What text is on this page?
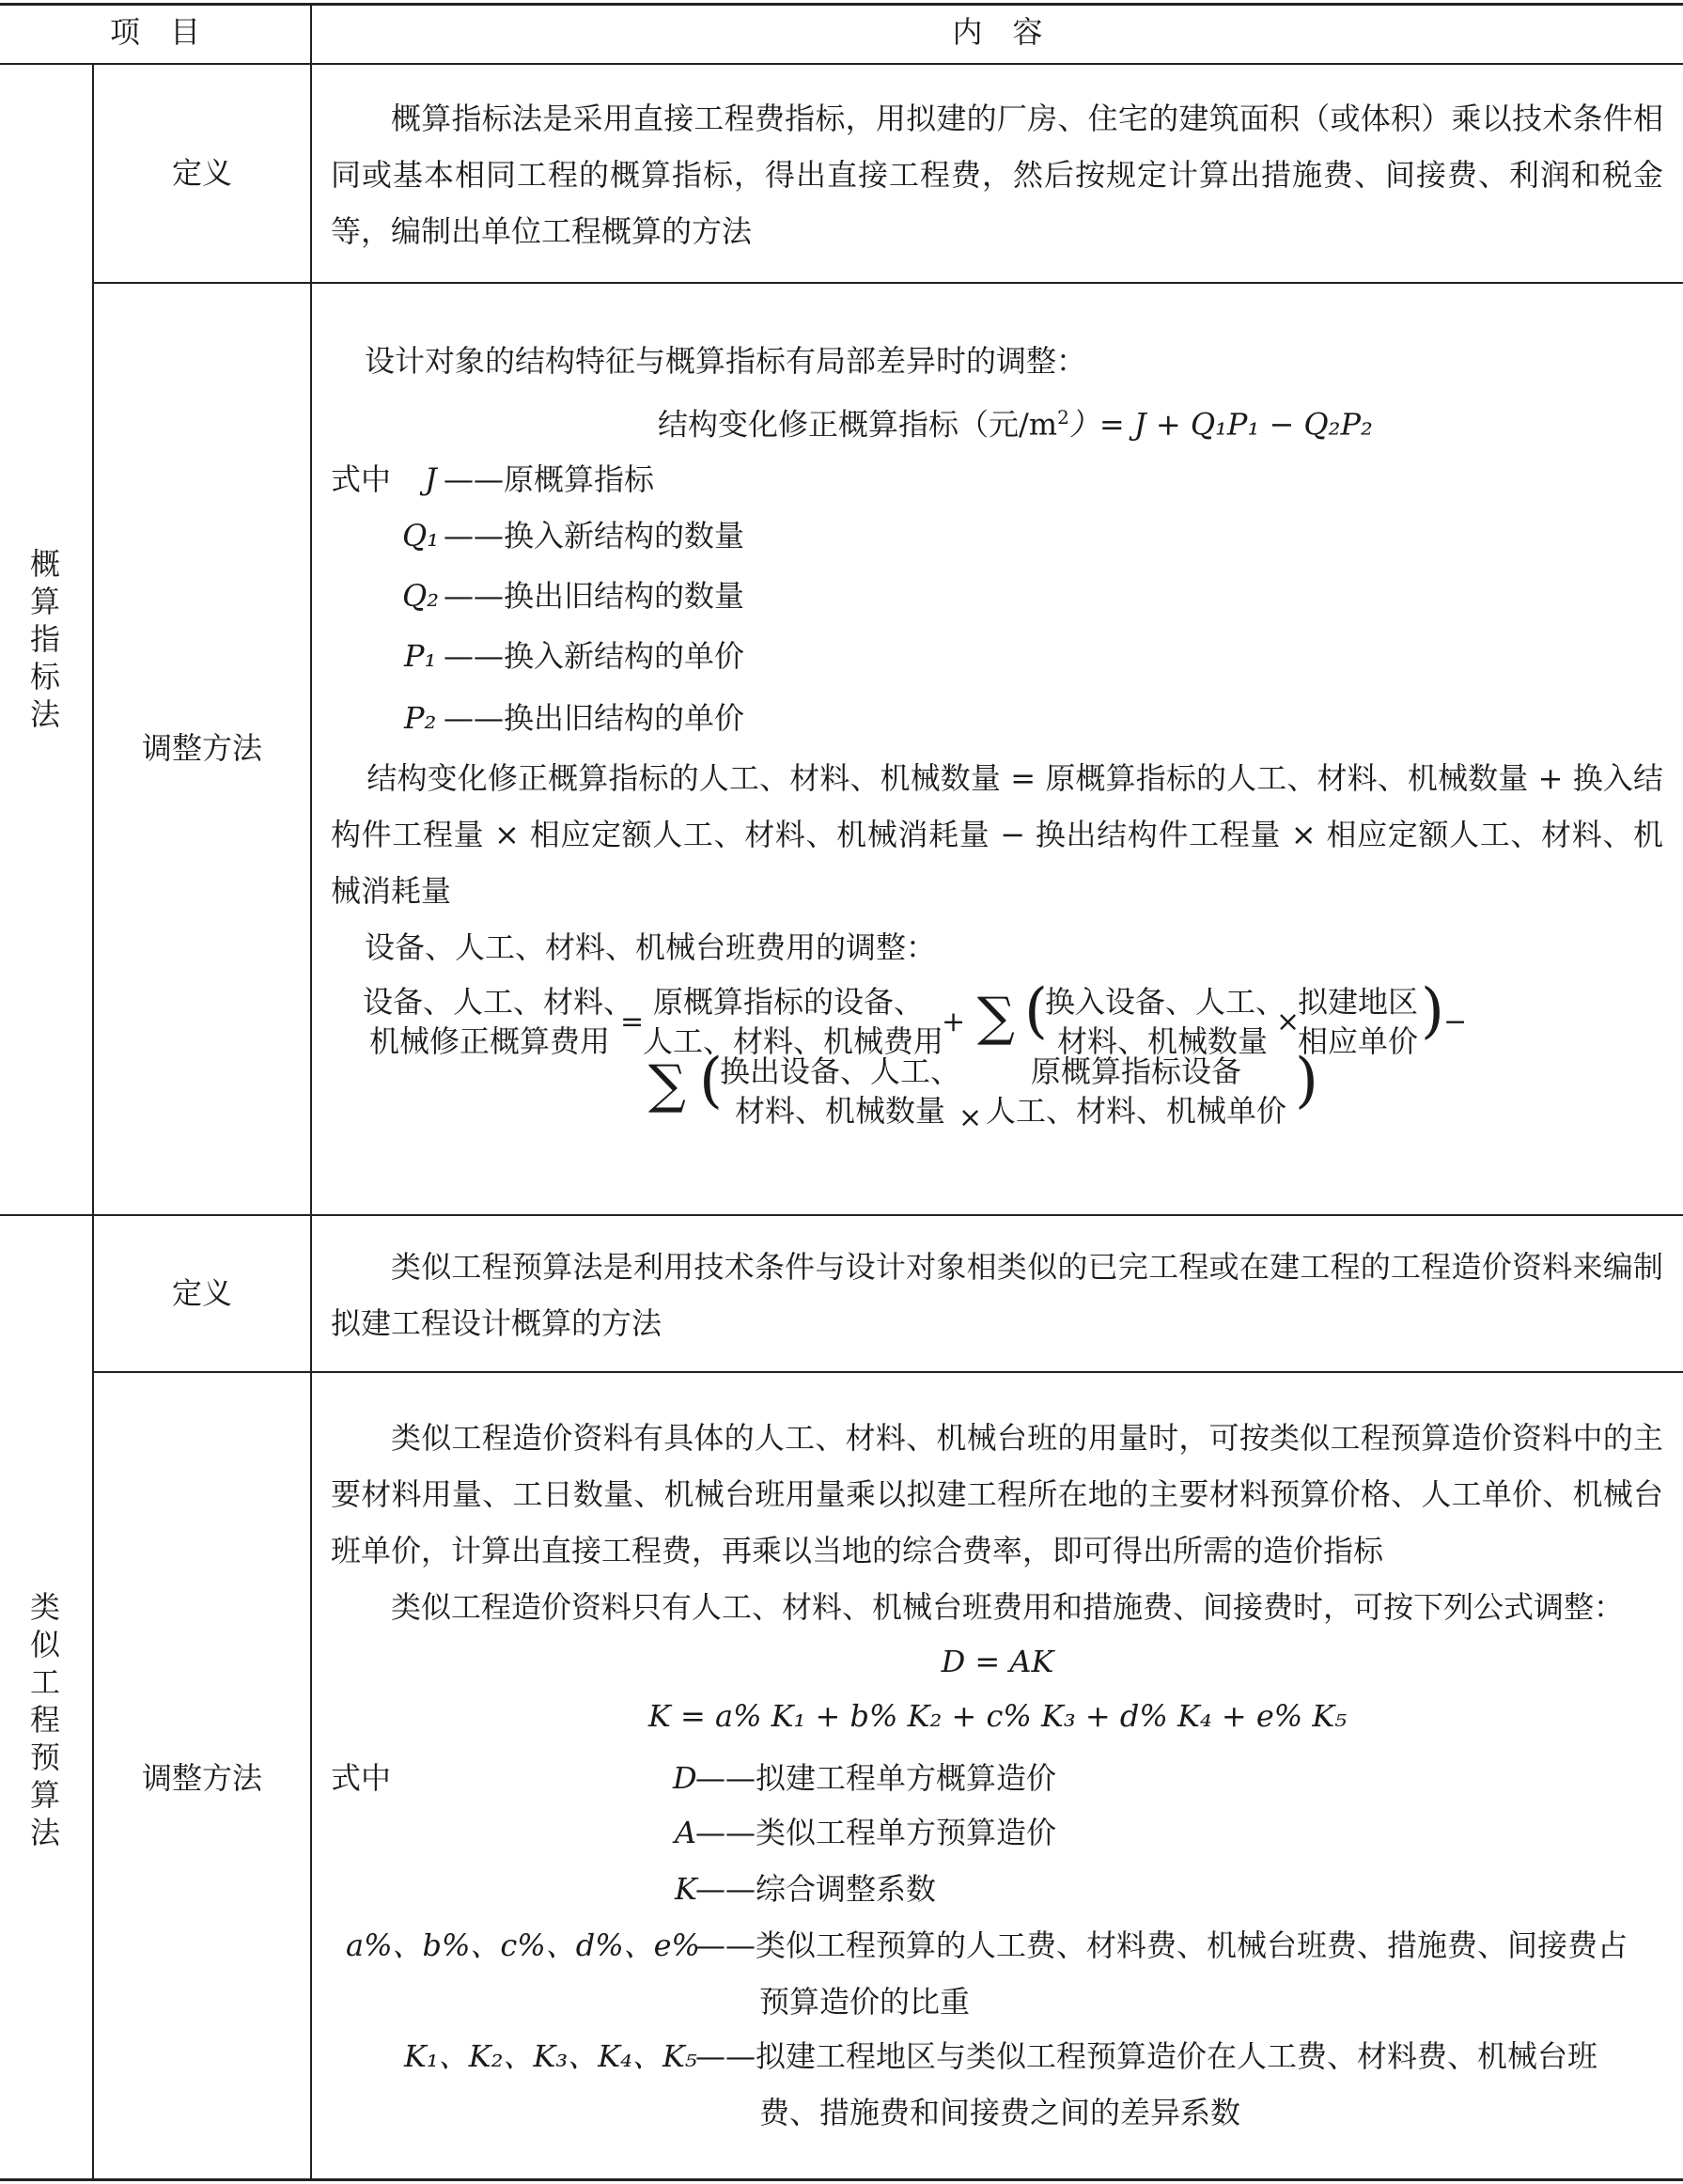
项　目	内　容
概算指标法
定义
概算指标法是采用直接工程费指标，用拟建的厂房、住宅的建筑面积（或体积）乘以技术条件相同或基本相同工程的概算指标，得出直接工程费，然后按规定计算出措施费、间接费、利润和税金等，编制出单位工程概算的方法
调整方法
设计对象的结构特征与概算指标有局部差异时的调整：
结构变化修正概算指标（元$/m^2)= J + Q_1P_1 - Q_2P_2$
式中 J ——原概算指标
Q₁ ——换入新结构的数量
Q₂ ——换出旧结构的数量
P₁ ——换入新结构的单价
P₂ ——换出旧结构的单价
结构变化修正概算指标的人工、材料、机械数量 = 原概算指标的人工、材料、机械数量 + 换入结构件工程量 × 相应定额人工、材料、机械消耗量 − 换出结构件工程量 × 相应定额人工、材料、机械消耗量
设备、人工、材料、机械台班费用的调整：
设备、人工、材料、
机械修正概算费用
=
原概算指标的设备、
人工、材料、机械费用
+ ∑ (
换入设备、人工、
材料、机械数量
×
拟建地区
相应单价 ) −
∑ (
换出设备、人工、
材料、机械数量 ×
原概算指标设备
人工、材料、机械单价 )
类似工程预算法
定义
类似工程预算法是利用技术条件与设计对象相类似的已完工程或在建工程的工程造价资料来编制拟建工程设计概算的方法
调整方法
类似工程造价资料有具体的人工、材料、机械台班的用量时，可按类似工程预算造价资料中的主要材料用量、工日数量、机械台班用量乘以拟建工程所在地的主要材料预算价格、人工单价、机械台班单价，计算出直接工程费，再乘以当地的综合费率，即可得出所需的造价指标
类似工程造价资料只有人工、材料、机械台班费用和措施费、间接费时，可按下列公式调整：
D = AK
K = a% K₁ + b% K₂ + c% K₃ + d% K₄ + e% K₅
式中	D
——拟建工程单方概算造价
A
——类似工程单方预算造价
K
——综合调整系数
a%、b%、c%、d%、e%
——类似工程预算的人工费、材料费、机械台班费、措施费、间接费占
预算造价的比重
K₁、K₂、K₃、K₄、K₅
——拟建工程地区与类似工程预算造价在人工费、材料费、机械台班
费、措施费和间接费之间的差异系数
